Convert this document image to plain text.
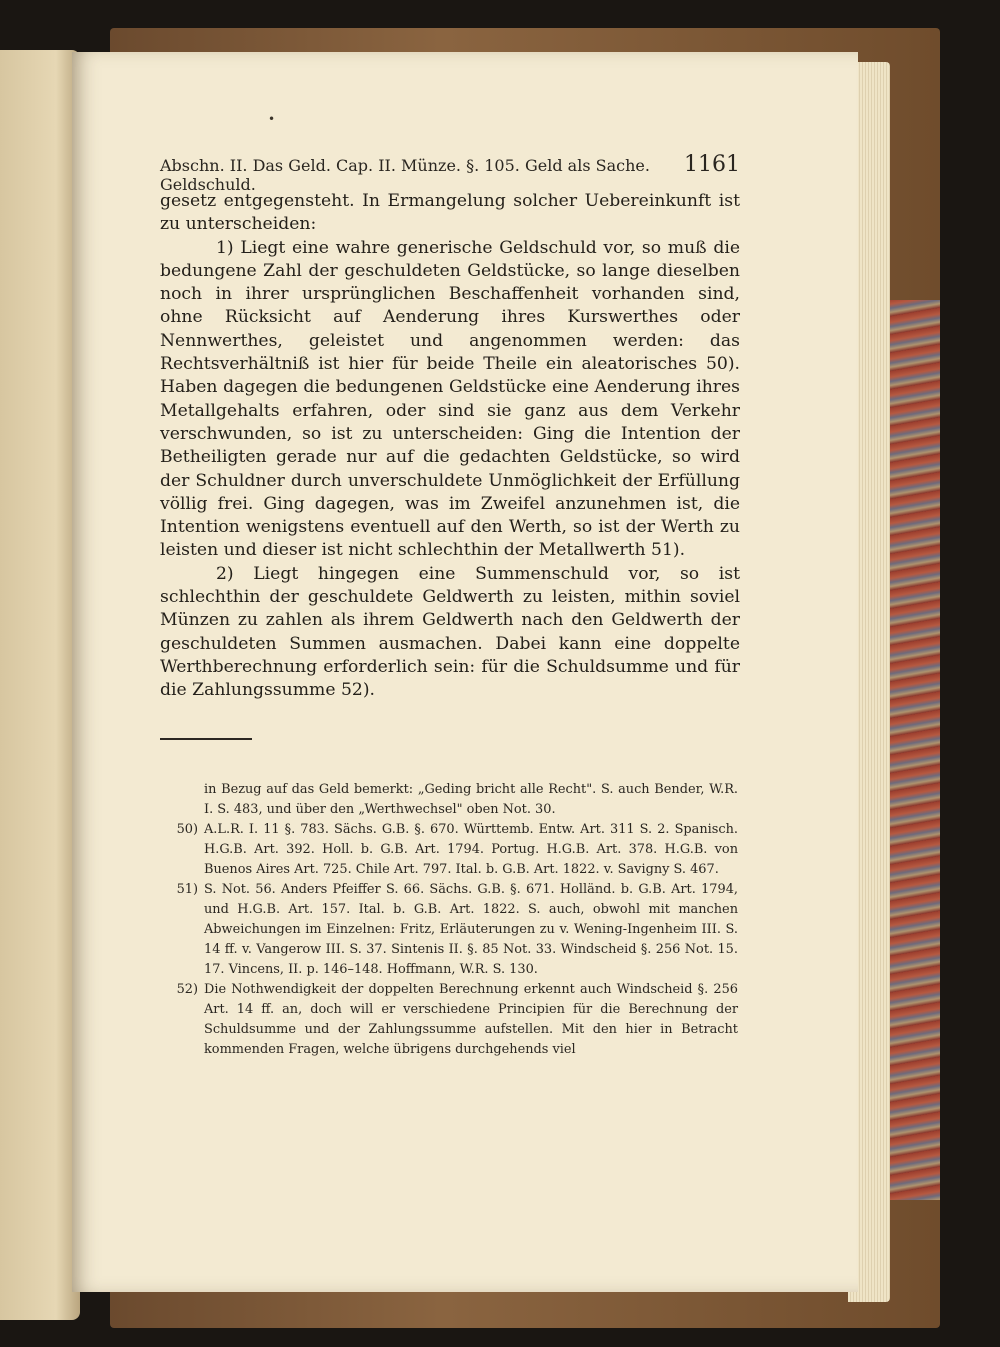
•
Abschn. II. Das Geld. Cap. II. Münze. §. 105. Geld als Sache. Geldschuld.
1161

gesetz entgegensteht. In Ermangelung solcher Uebereinkunft ist zu unterscheiden:

1) Liegt eine wahre generische Geldschuld vor, so muß die bedungene Zahl der geschuldeten Geldstücke, so lange dieselben noch in ihrer ursprünglichen Beschaffenheit vorhanden sind, ohne Rücksicht auf Aenderung ihres Kurswerthes oder Nennwerthes, geleistet und angenommen werden: das Rechtsverhältniß ist hier für beide Theile ein aleatorisches 50). Haben dagegen die bedungenen Geldstücke eine Aenderung ihres Metallgehalts erfahren, oder sind sie ganz aus dem Verkehr verschwunden, so ist zu unterscheiden: Ging die Intention der Betheiligten gerade nur auf die gedachten Geldstücke, so wird der Schuldner durch unverschuldete Unmöglichkeit der Erfüllung völlig frei. Ging dagegen, was im Zweifel anzunehmen ist, die Intention wenigstens eventuell auf den Werth, so ist der Werth zu leisten und dieser ist nicht schlechthin der Metallwerth 51).

2) Liegt hingegen eine Summenschuld vor, so ist schlechthin der geschuldete Geldwerth zu leisten, mithin soviel Münzen zu zahlen als ihrem Geldwerth nach den Geldwerth der geschuldeten Summen ausmachen. Dabei kann eine doppelte Werthberechnung erforderlich sein: für die Schuldsumme und für die Zahlungssumme 52).

in Bezug auf das Geld bemerkt: „Geding bricht alle Recht". S. auch Bender, W.R. I. S. 483, und über den „Werthwechsel" oben Not. 30.
50) A.L.R. I. 11 §. 783. Sächs. G.B. §. 670. Württemb. Entw. Art. 311 S. 2. Spanisch. H.G.B. Art. 392. Holl. b. G.B. Art. 1794. Portug. H.G.B. Art. 378. H.G.B. von Buenos Aires Art. 725. Chile Art. 797. Ital. b. G.B. Art. 1822. v. Savigny S. 467.
51) S. Not. 56. Anders Pfeiffer S. 66. Sächs. G.B. §. 671. Holländ. b. G.B. Art. 1794, und H.G.B. Art. 157. Ital. b. G.B. Art. 1822. S. auch, obwohl mit manchen Abweichungen im Einzelnen: Fritz, Erläuterungen zu v. Wening-Ingenheim III. S. 14 ff. v. Vangerow III. S. 37. Sintenis II. §. 85 Not. 33. Windscheid §. 256 Not. 15. 17. Vincens, II. p. 146–148. Hoffmann, W.R. S. 130.
52) Die Nothwendigkeit der doppelten Berechnung erkennt auch Windscheid §. 256 Art. 14 ff. an, doch will er verschiedene Principien für die Berechnung der Schuldsumme und der Zahlungssumme aufstellen. Mit den hier in Betracht kommenden Fragen, welche übrigens durchgehends viel
